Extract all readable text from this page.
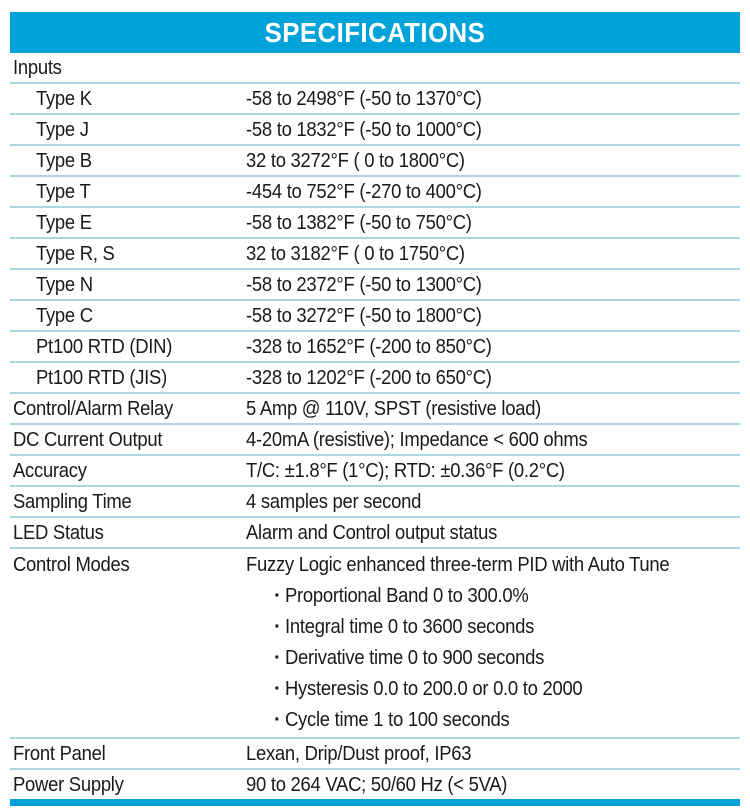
SPECIFICATIONS
Inputs
Type K	-58 to 2498°F (-50 to 1370°C)
Type J	-58 to 1832°F (-50 to 1000°C)
Type B	32 to 3272°F ( 0 to 1800°C)
Type T	-454 to 752°F (-270 to 400°C)
Type E	-58 to 1382°F (-50 to 750°C)
Type R, S	32 to 3182°F ( 0 to 1750°C)
Type N	-58 to 2372°F (-50 to 1300°C)
Type C	-58 to 3272°F (-50 to 1800°C)
Pt100 RTD (DIN)	-328 to 1652°F (-200 to 850°C)
Pt100 RTD (JIS)	-328 to 1202°F (-200 to 650°C)
Control/Alarm Relay	5 Amp @ 110V, SPST (resistive load)
DC Current Output	4-20mA (resistive); Impedance < 600 ohms
Accuracy	T/C: ±1.8°F (1°C); RTD: ±0.36°F (0.2°C)
Sampling Time	4 samples per second
LED Status	Alarm and Control output status
Control Modes	Fuzzy Logic enhanced three-term PID with Auto Tune
· Proportional Band 0 to 300.0%
· Integral time 0 to 3600 seconds
· Derivative time 0 to 900 seconds
· Hysteresis 0.0 to 200.0 or 0.0 to 2000
· Cycle time 1 to 100 seconds
Front Panel	Lexan, Drip/Dust proof, IP63
Power Supply	90 to 264 VAC; 50/60 Hz (< 5VA)
